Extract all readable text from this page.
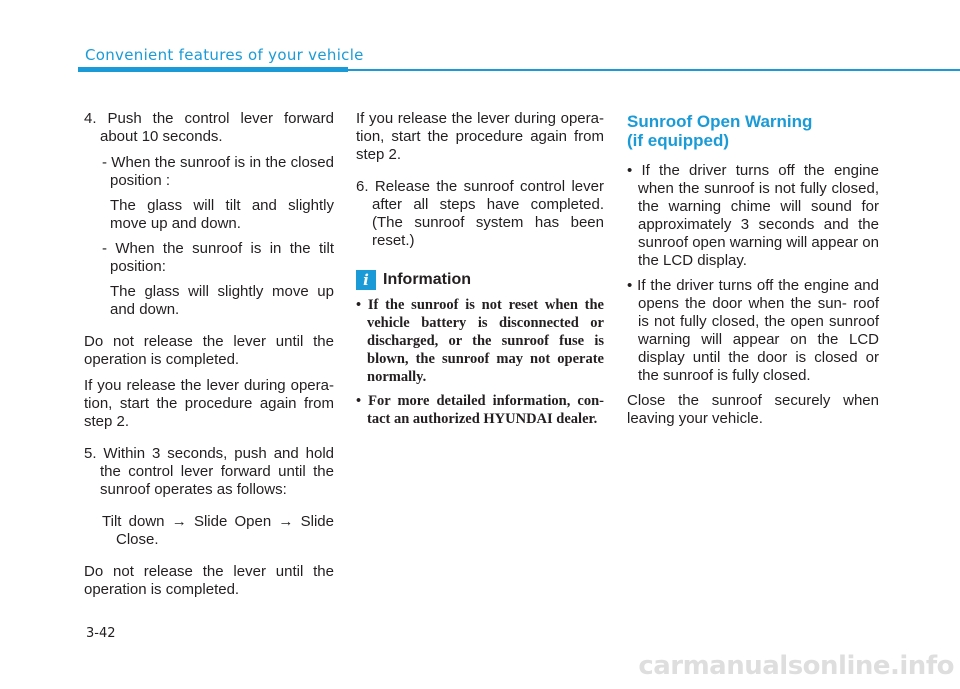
Convenient features of your vehicle

4. Push the control lever forward about 10 seconds.

- When the sunroof is in the closed position :

The glass will tilt and slightly move up and down.

- When the sunroof is in the tilt position:

The glass will slightly move up and down.

Do not release the lever until the operation is completed.

If you release the lever during opera- tion, start the procedure again from step 2.

5. Within 3 seconds, push and hold the control lever forward until the sunroof operates as follows:

Tilt down → Slide Open → Slide Close.

Do not release the lever until the operation is completed.

If you release the lever during opera- tion, start the procedure again from step 2.

6. Release the sunroof control lever after all steps have completed. (The sunroof system has been reset.)

i Information

• If the sunroof is not reset when the vehicle battery is disconnected or discharged, or the sunroof fuse is blown, the sunroof may not operate normally.

• For more detailed information, con- tact an authorized HYUNDAI dealer.

Sunroof Open Warning
(if equipped)

• If the driver turns off the engine when the sunroof is not fully closed, the warning chime will sound for approximately 3 seconds and the sunroof open warning will appear on the LCD display.

• If the driver turns off the engine and opens the door when the sun- roof is not fully closed, the open sunroof warning will appear on the LCD display until the door is closed or the sunroof is fully closed.

Close the sunroof securely when leaving your vehicle.

3-42
carmanualsonline.info
